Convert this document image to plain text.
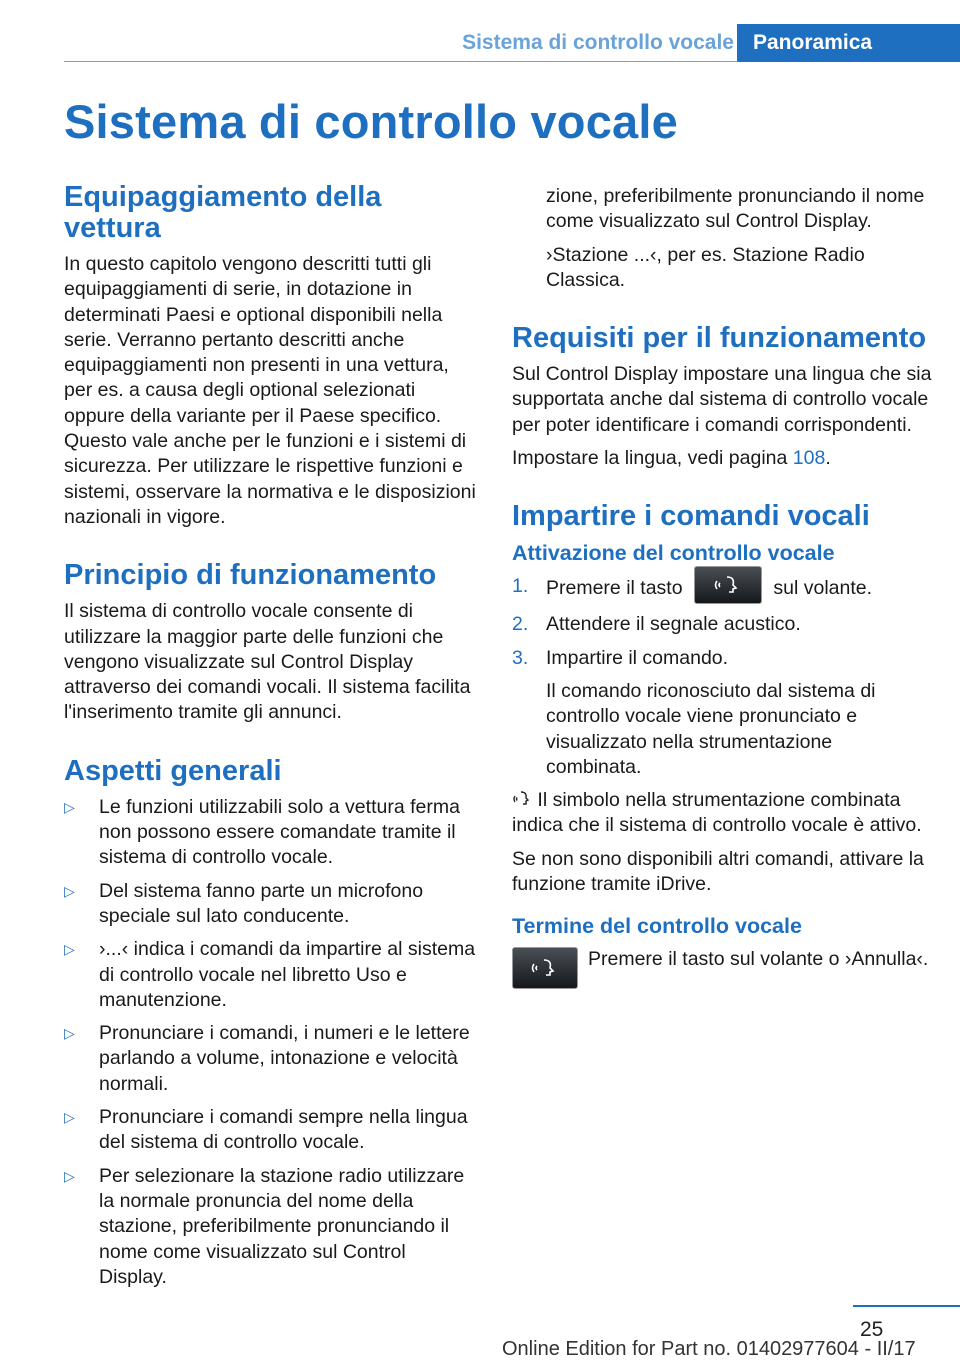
Sistema di controllo vocale Panoramica
Sistema di controllo vocale
Equipaggiamento della vettura

In questo capitolo vengono descritti tutti gli equipaggiamenti di serie, in dotazione in determinati Paesi e optional disponibili nella serie. Verranno pertanto descritti anche equipaggiamenti non presenti in una vettura, per es. a causa degli optional selezionati oppure della variante per il Paese specifico. Questo vale anche per le funzioni e i sistemi di sicurezza. Per utilizzare le rispettive funzioni e sistemi, osservare la normativa e le disposizioni nazionali in vigore.

Principio di funzionamento

Il sistema di controllo vocale consente di utilizzare la maggior parte delle funzioni che vengono visualizzate sul Control Display attraverso dei comandi vocali. Il sistema facilita l'inserimento tramite gli annunci.

Aspetti generali
▷ Le funzioni utilizzabili solo a vettura ferma non possono essere comandate tramite il sistema di controllo vocale.
▷ Del sistema fanno parte un microfono speciale sul lato conducente.
▷ ›...‹ indica i comandi da impartire al sistema di controllo vocale nel libretto Uso e manutenzione.
▷ Pronunciare i comandi, i numeri e le lettere parlando a volume, intonazione e velocità normali.
▷ Pronunciare i comandi sempre nella lingua del sistema di controllo vocale.
▷ Per selezionare la stazione radio utilizzare la normale pronuncia del nome della stazione, preferibilmente pronunciando il nome come visualizzato sul Control Display.

zione, preferibilmente pronunciando il nome come visualizzato sul Control Display.

›Stazione ...‹, per es. Stazione Radio Classica.

Requisiti per il funzionamento

Sul Control Display impostare una lingua che sia supportata anche dal sistema di controllo vocale per poter identificare i comandi corrispondenti.

Impostare la lingua, vedi pagina 108.

Impartire i comandi vocali
Attivazione del controllo vocale
1. Premere il tasto	sul volante.
2. Attendere il segnale acustico.
3. Impartire il comando.
Il comando riconosciuto dal sistema di controllo vocale viene pronunciato e visualizzato nella strumentazione combinata.

Il simbolo nella strumentazione combinata indica che il sistema di controllo vocale è attivo.

Se non sono disponibili altri comandi, attivare la funzione tramite iDrive.

Termine del controllo vocale

Premere il tasto sul volante o ›Annulla‹.

25
Online Edition for Part no. 01402977604 - II/17
